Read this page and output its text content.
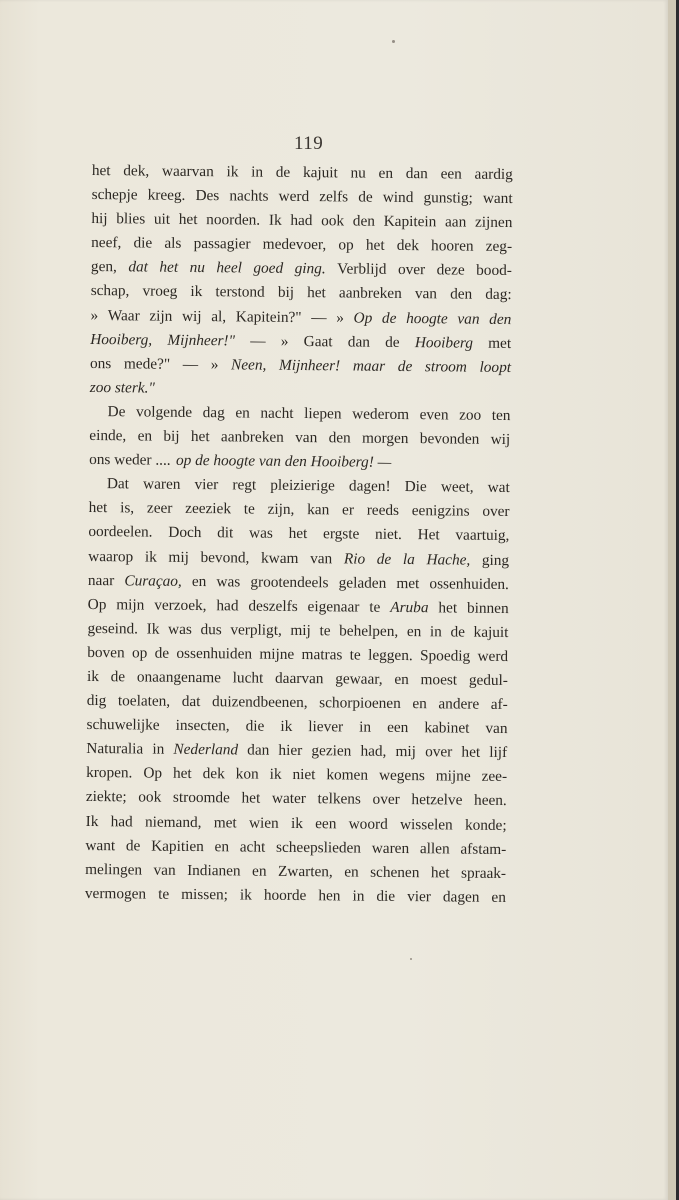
119
het dek, waarvan ik in de kajuit nu en dan een aardig
schepje kreeg. Des nachts werd zelfs de wind gunstig; want
hij blies uit het noorden. Ik had ook den Kapitein aan zijnen
neef, die als passagier medevoer, op het dek hooren zeg-
gen, dat het nu heel goed ging. Verblijd over deze bood-
schap, vroeg ik terstond bij het aanbreken van den dag:
» Waar zijn wij al, Kapitein?" — » Op de hoogte van den
Hooiberg, Mijnheer!" — » Gaat dan de Hooiberg met
ons mede?" — » Neen, Mijnheer! maar de stroom loopt
zoo sterk."
De volgende dag en nacht liepen wederom even zoo ten
einde, en bij het aanbreken van den morgen bevonden wij
ons weder .... op de hoogte van den Hooiberg! —
Dat waren vier regt pleizierige dagen! Die weet, wat
het is, zeer zeeziek te zijn, kan er reeds eenigzins over
oordeelen. Doch dit was het ergste niet. Het vaartuig,
waarop ik mij bevond, kwam van Rio de la Hache, ging
naar Curaçao, en was grootendeels geladen met ossenhuiden.
Op mijn verzoek, had deszelfs eigenaar te Aruba het binnen
geseind. Ik was dus verpligt, mij te behelpen, en in de kajuit
boven op de ossenhuiden mijne matras te leggen. Spoedig werd
ik de onaangename lucht daarvan gewaar, en moest gedul-
dig toelaten, dat duizendbeenen, schorpioenen en andere af-
schuwelijke insecten, die ik liever in een kabinet van
Naturalia in Nederland dan hier gezien had, mij over het lijf
kropen. Op het dek kon ik niet komen wegens mijne zee-
ziekte; ook stroomde het water telkens over hetzelve heen.
Ik had niemand, met wien ik een woord wisselen konde;
want de Kapitien en acht scheepslieden waren allen afstam-
melingen van Indianen en Zwarten, en schenen het spraak-
vermogen te missen; ik hoorde hen in die vier dagen en
